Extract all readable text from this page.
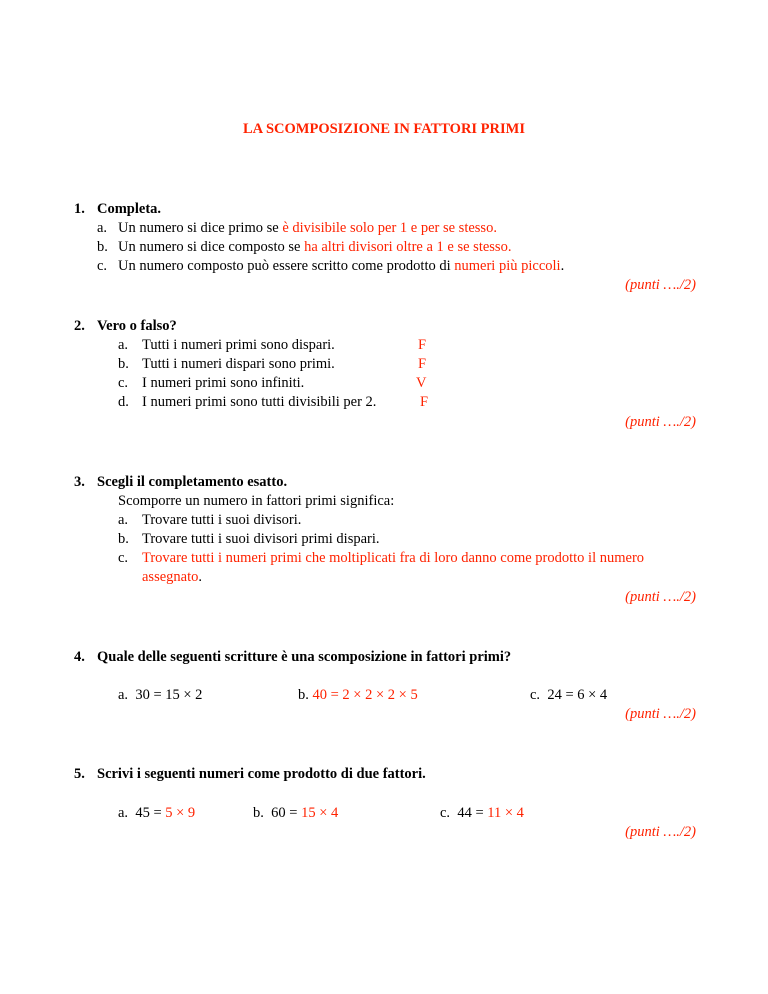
LA SCOMPOSIZIONE IN FATTORI PRIMI
1. Completa.
a. Un numero si dice primo se è divisibile solo per 1 e per se stesso.
b. Un numero si dice composto se ha altri divisori oltre a 1 e se stesso.
c. Un numero composto può essere scritto come prodotto di numeri più piccoli.
(punti …./2)
2. Vero o falso?
a. Tutti i numeri primi sono dispari.	F
b. Tutti i numeri dispari sono primi.	F
c. I numeri primi sono infiniti.	V
d. I numeri primi sono tutti divisibili per 2.	F
(punti …./2)
3. Scegli il completamento esatto.
Scomporre un numero in fattori primi significa:
a. Trovare tutti i suoi divisori.
b. Trovare tutti i suoi divisori primi dispari.
c. Trovare tutti i numeri primi che moltiplicati fra di loro danno come prodotto il numero
assegnato.
(punti …./2)
4. Quale delle seguenti scritture è una scomposizione in fattori primi?
a. 30 = 15 × 2	b. 40 = 2 × 2 × 2 × 5	c. 24 = 6 × 4
(punti …./2)
5. Scrivi i seguenti numeri come prodotto di due fattori.
a. 45 = 5 × 9	b. 60 = 15 × 4	c. 44 = 11 × 4
(punti …./2)
